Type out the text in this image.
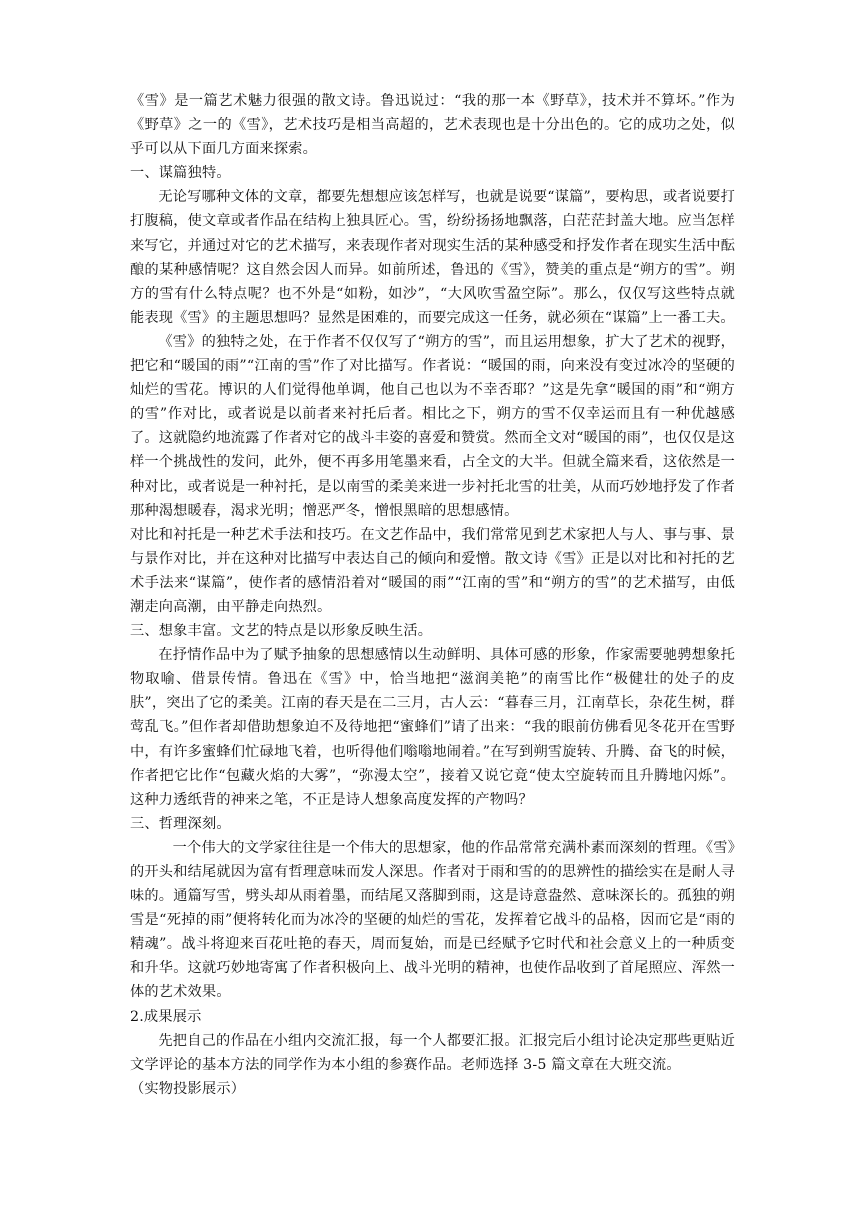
《雪》是一篇艺术魅力很强的散文诗。鲁迅说过：“我的那一本《野草》，技术并不算坏。”作为《野草》之一的《雪》，艺术技巧是相当高超的，艺术表现也是十分出色的。它的成功之处，似乎可以从下面几方面来探索。

一、谋篇独特。

无论写哪种文体的文章，都要先想想应该怎样写，也就是说要“谋篇”，要构思，或者说要打打腹稿，使文章或者作品在结构上独具匠心。雪，纷纷扬扬地飘落，白茫茫封盖大地。应当怎样来写它，并通过对它的艺术描写，来表现作者对现实生活的某种感受和抒发作者在现实生活中酝酿的某种感情呢？这自然会因人而异。如前所述，鲁迅的《雪》，赞美的重点是“朔方的雪”。朔方的雪有什么特点呢？也不外是“如粉，如沙”，“大风吹雪盈空际”。那么，仅仅写这些特点就能表现《雪》的主题思想吗？显然是困难的，而要完成这一任务，就必须在“谋篇”上一番工夫。

《雪》的独特之处，在于作者不仅仅写了“朔方的雪”，而且运用想象，扩大了艺术的视野，把它和“暖国的雨”“江南的雪”作了对比描写。作者说：“暖国的雨，向来没有变过冰冷的坚硬的灿烂的雪花。博识的人们觉得他单调，他自己也以为不幸否耶？”这是先拿“暖国的雨”和“朔方的雪”作对比，或者说是以前者来衬托后者。相比之下，朔方的雪不仅幸运而且有一种优越感了。这就隐约地流露了作者对它的战斗丰姿的喜爱和赞赏。然而全文对“暖国的雨”，也仅仅是这样一个挑战性的发问，此外，便不再多用笔墨来看，占全文的大半。但就全篇来看，这依然是一种对比，或者说是一种衬托，是以南雪的柔美来进一步衬托北雪的壮美，从而巧妙地抒发了作者那种渴想暖春，渴求光明；憎恶严冬，憎恨黑暗的思想感情。

对比和衬托是一种艺术手法和技巧。在文艺作品中，我们常常见到艺术家把人与人、事与事、景与景作对比，并在这种对比描写中表达自己的倾向和爱憎。散文诗《雪》正是以对比和衬托的艺术手法来“谋篇”，使作者的感情沿着对“暖国的雨”“江南的雪”和“朔方的雪”的艺术描写，由低潮走向高潮，由平静走向热烈。

三、想象丰富。文艺的特点是以形象反映生活。

在抒情作品中为了赋予抽象的思想感情以生动鲜明、具体可感的形象，作家需要驰骋想象托物取喻、借景传情。鲁迅在《雪》中，恰当地把“滋润美艳”的南雪比作“极健壮的处子的皮肤”，突出了它的柔美。江南的春天是在二三月，古人云：“暮春三月，江南草长，杂花生树，群莺乱飞。”但作者却借助想象迫不及待地把“蜜蜂们”请了出来：“我的眼前仿佛看见冬花开在雪野中，有许多蜜蜂们忙碌地飞着，也听得他们嗡嗡地闹着。”在写到朔雪旋转、升腾、奋飞的时候，作者把它比作“包藏火焰的大雾”，“弥漫太空”，接着又说它竟“使太空旋转而且升腾地闪烁”。这种力透纸背的神来之笔，不正是诗人想象高度发挥的产物吗？

三、哲理深刻。

一个伟大的文学家往往是一个伟大的思想家，他的作品常常充满朴素而深刻的哲理。《雪》的开头和结尾就因为富有哲理意味而发人深思。作者对于雨和雪的的思辨性的描绘实在是耐人寻味的。通篇写雪，劈头却从雨着墨，而结尾又落脚到雨，这是诗意盎然、意味深长的。孤独的朔雪是“死掉的雨”便将转化而为冰冷的坚硬的灿烂的雪花，发挥着它战斗的品格，因而它是“雨的精魂”。战斗将迎来百花吐艳的春天，周而复始，而是已经赋予它时代和社会意义上的一种质变和升华。这就巧妙地寄寓了作者积极向上、战斗光明的精神，也使作品收到了首尾照应、浑然一体的艺术效果。

2.成果展示

先把自己的作品在小组内交流汇报，每一个人都要汇报。汇报完后小组讨论决定那些更贴近文学评论的基本方法的同学作为本小组的参赛作品。老师选择 3-5 篇文章在大班交流。

（实物投影展示）
